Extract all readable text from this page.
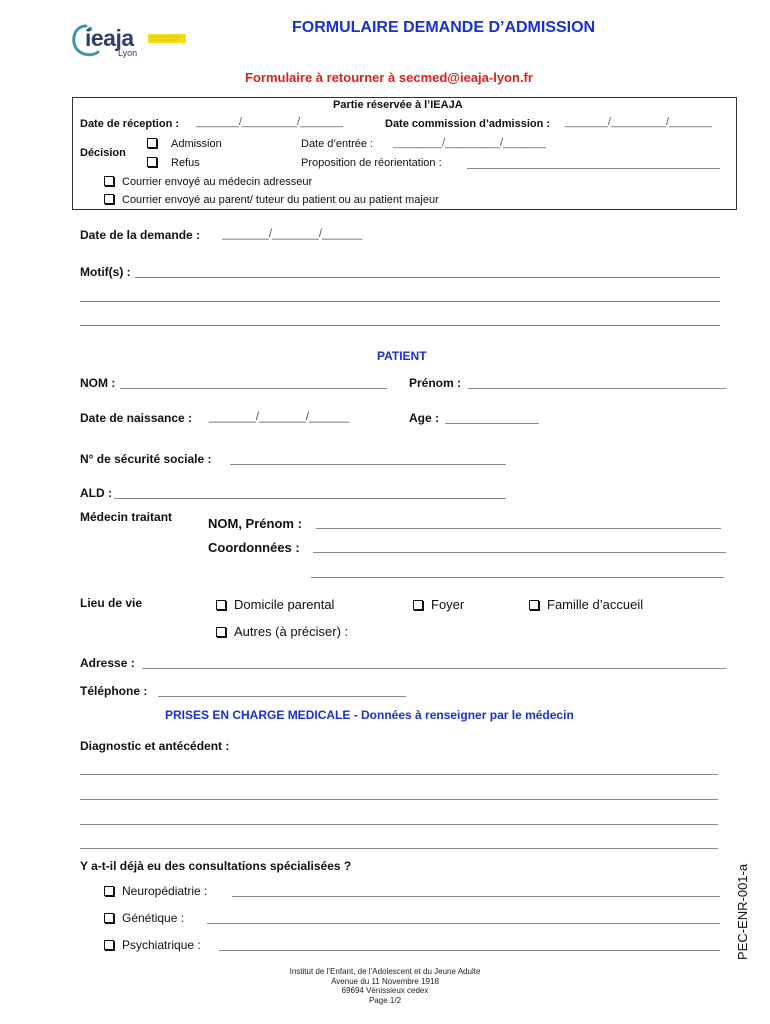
ieaja
Lyon
FORMULAIRE DEMANDE D’ADMISSION
Formulaire à retourner à secmed@ieaja-lyon.fr
Partie réservée à l’IEAJA
Date de réception : _______/_________/_______	Date commission d’admission : _______/_________/_______
Décision
Admission	Date d’entrée : ________/_________/_______
Refus	Proposition de réorientation :
Courrier envoyé au médecin adresseur
Courrier envoyé au parent/ tuteur du patient ou au patient majeur
Date de la demande : _______/_______/______
Motif(s) :
PATIENT
NOM :	Prénom :
Date de naissance : _______/_______/______	Age :
N° de sécurité sociale :
ALD :
Médecin traitant	NOM, Prénom :
Coordonnées :
Lieu de vie	Domicile parental	Foyer	Famille d’accueil
Autres (à préciser) :
Adresse :
Téléphone :
PRISES EN CHARGE MEDICALE - Données à renseigner par le médecin
Diagnostic et antécédent :
Y a-t-il déjà eu des consultations spécialisées ?
Neuropédiatrie :
Génétique :
Psychiatrique :	PEC-ENR-001-a
Institut de l’Enfant, de l’Adolescent et du Jeune Adulte
Avenue du 11 Novembre 1918
69694 Vénissieux cedex
Page 1/2
